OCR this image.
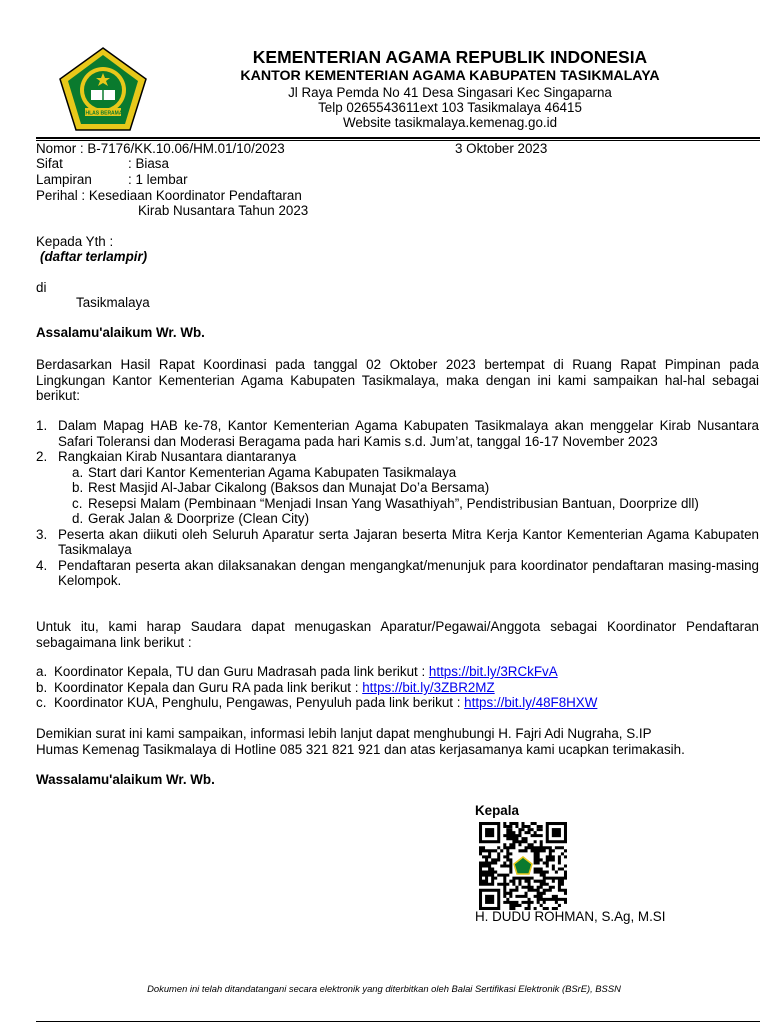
IKHLAS BERAMAL
KEMENTERIAN AGAMA REPUBLIK INDONESIA
KANTOR KEMENTERIAN AGAMA KABUPATEN TASIKMALAYA
Jl Raya Pemda No 41 Desa Singasari Kec Singaparna
Telp 0265543611ext 103 Tasikmalaya 46415
Website tasikmalaya.kemenag.go.id
Nomor : B-7176/KK.10.06/HM.01/10/2023	3 Oktober 2023
Sifat	: Biasa
Lampiran	: 1 lembar
Perihal : Kesediaan Koordinator Pendaftaran
Kirab Nusantara Tahun 2023
Kepada Yth :
(daftar terlampir)
di
Tasikmalaya
Assalamu'alaikum Wr. Wb.
Berdasarkan Hasil Rapat Koordinasi pada tanggal 02 Oktober 2023 bertempat di Ruang Rapat Pimpinan pada Lingkungan Kantor Kementerian Agama Kabupaten Tasikmalaya, maka dengan ini kami sampaikan hal-hal sebagai berikut:
1. Dalam Mapag HAB ke-78, Kantor Kementerian Agama Kabupaten Tasikmalaya akan menggelar Kirab Nusantara Safari Toleransi dan Moderasi Beragama pada hari Kamis s.d. Jum’at, tanggal 16-17 November 2023
2. Rangkaian Kirab Nusantara diantaranya
a. Start dari Kantor Kementerian Agama Kabupaten Tasikmalaya
b. Rest Masjid Al-Jabar Cikalong (Baksos dan Munajat Do’a Bersama)
c. Resepsi Malam (Pembinaan “Menjadi Insan Yang Wasathiyah”, Pendistribusian Bantuan, Doorprize dll)
d. Gerak Jalan & Doorprize (Clean City)
3. Peserta akan diikuti oleh Seluruh Aparatur serta Jajaran beserta Mitra Kerja Kantor Kementerian Agama Kabupaten Tasikmalaya
4. Pendaftaran peserta akan dilaksanakan dengan mengangkat/menunjuk para koordinator pendaftaran masing-masing Kelompok.
Untuk itu, kami harap Saudara dapat menugaskan Aparatur/Pegawai/Anggota sebagai Koordinator Pendaftaran sebagaimana link berikut :
a. Koordinator Kepala, TU dan Guru Madrasah pada link berikut : https://bit.ly/3RCkFvA
b. Koordinator Kepala dan Guru RA pada link berikut : https://bit.ly/3ZBR2MZ
c. Koordinator KUA, Penghulu, Pengawas, Penyuluh pada link berikut : https://bit.ly/48F8HXW
Demikian surat ini kami sampaikan, informasi lebih lanjut dapat menghubungi H. Fajri Adi Nugraha, S.IP
Humas Kemenag Tasikmalaya di Hotline 085 321 821 921 dan atas kerjasamanya kami ucapkan terimakasih.
Wassalamu'alaikum Wr. Wb.
Kepala
H. DUDU ROHMAN, S.Ag, M.SI
Dokumen ini telah ditandatangani secara elektronik yang diterbitkan oleh Balai Sertifikasi Elektronik (BSrE), BSSN
